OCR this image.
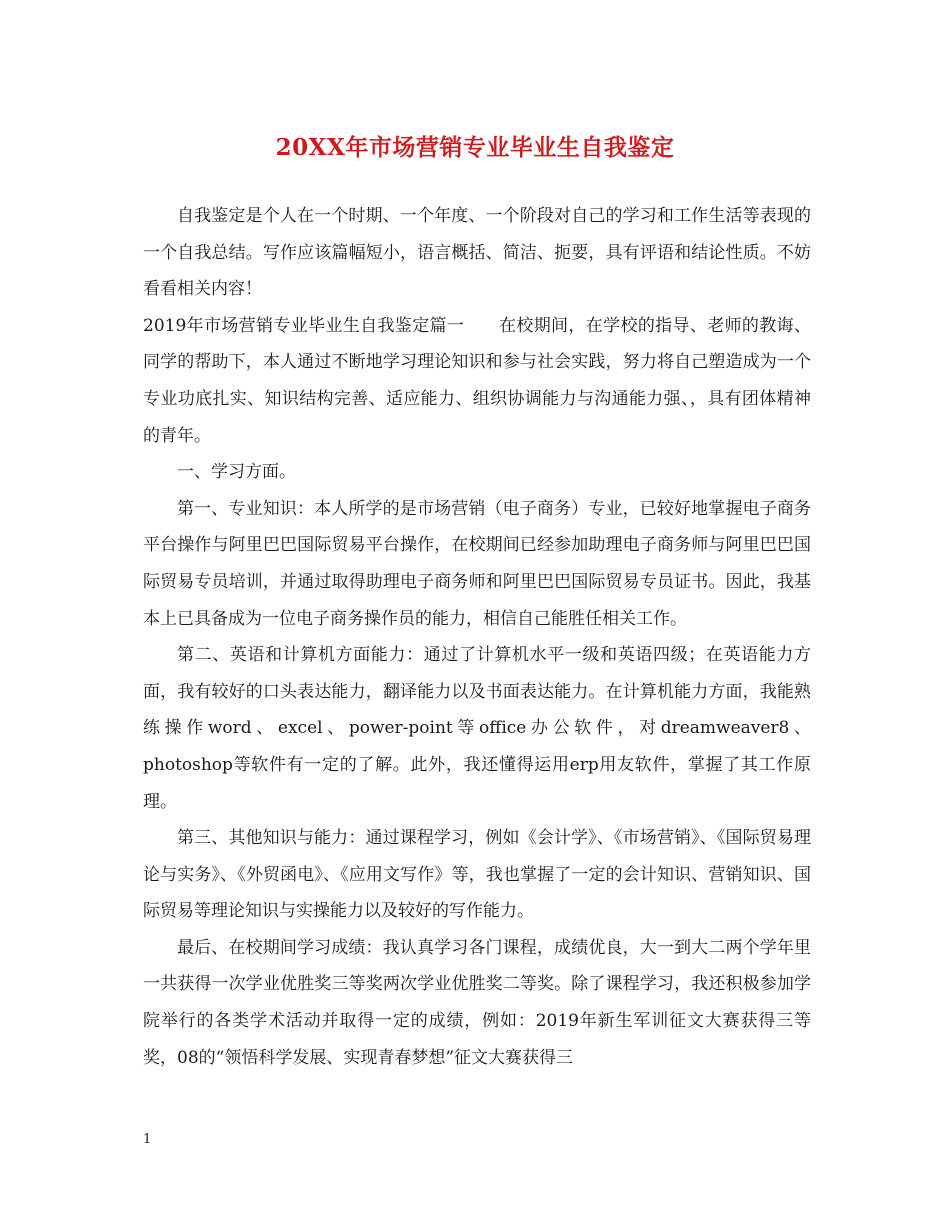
20XX年市场营销专业毕业生自我鉴定

自我鉴定是个人在一个时期、一个年度、一个阶段对自己的学习和工作生活等表现的一个自我总结。写作应该篇幅短小，语言概括、简洁、扼要，具有评语和结论性质。不妨看看相关内容！

2019年市场营销专业毕业生自我鉴定篇一　　在校期间，在学校的指导、老师的教诲、同学的帮助下，本人通过不断地学习理论知识和参与社会实践，努力将自己塑造成为一个专业功底扎实、知识结构完善、适应能力、组织协调能力与沟通能力强、，具有团体精神的青年。

一、学习方面。

第一、专业知识：本人所学的是市场营销（电子商务）专业，已较好地掌握电子商务平台操作与阿里巴巴国际贸易平台操作，在校期间已经参加助理电子商务师与阿里巴巴国际贸易专员培训，并通过取得助理电子商务师和阿里巴巴国际贸易专员证书。因此，我基本上已具备成为一位电子商务操作员的能力，相信自己能胜任相关工作。

第二、英语和计算机方面能力：通过了计算机水平一级和英语四级；在英语能力方面，我有较好的口头表达能力，翻译能力以及书面表达能力。在计算机能力方面，我能熟练操作word、excel、power-point等office办公软件，对dreamweaver8、photoshop等软件有一定的了解。此外，我还懂得运用erp用友软件，掌握了其工作原理。

第三、其他知识与能力：通过课程学习，例如《会计学》、《市场营销》、《国际贸易理论与实务》、《外贸函电》、《应用文写作》等，我也掌握了一定的会计知识、营销知识、国际贸易等理论知识与实操能力以及较好的写作能力。

最后、在校期间学习成绩：我认真学习各门课程，成绩优良，大一到大二两个学年里一共获得一次学业优胜奖三等奖两次学业优胜奖二等奖。除了课程学习，我还积极参加学院举行的各类学术活动并取得一定的成绩，例如：2019年新生军训征文大赛获得三等奖，08的“领悟科学发展、实现青春梦想”征文大赛获得三

1
